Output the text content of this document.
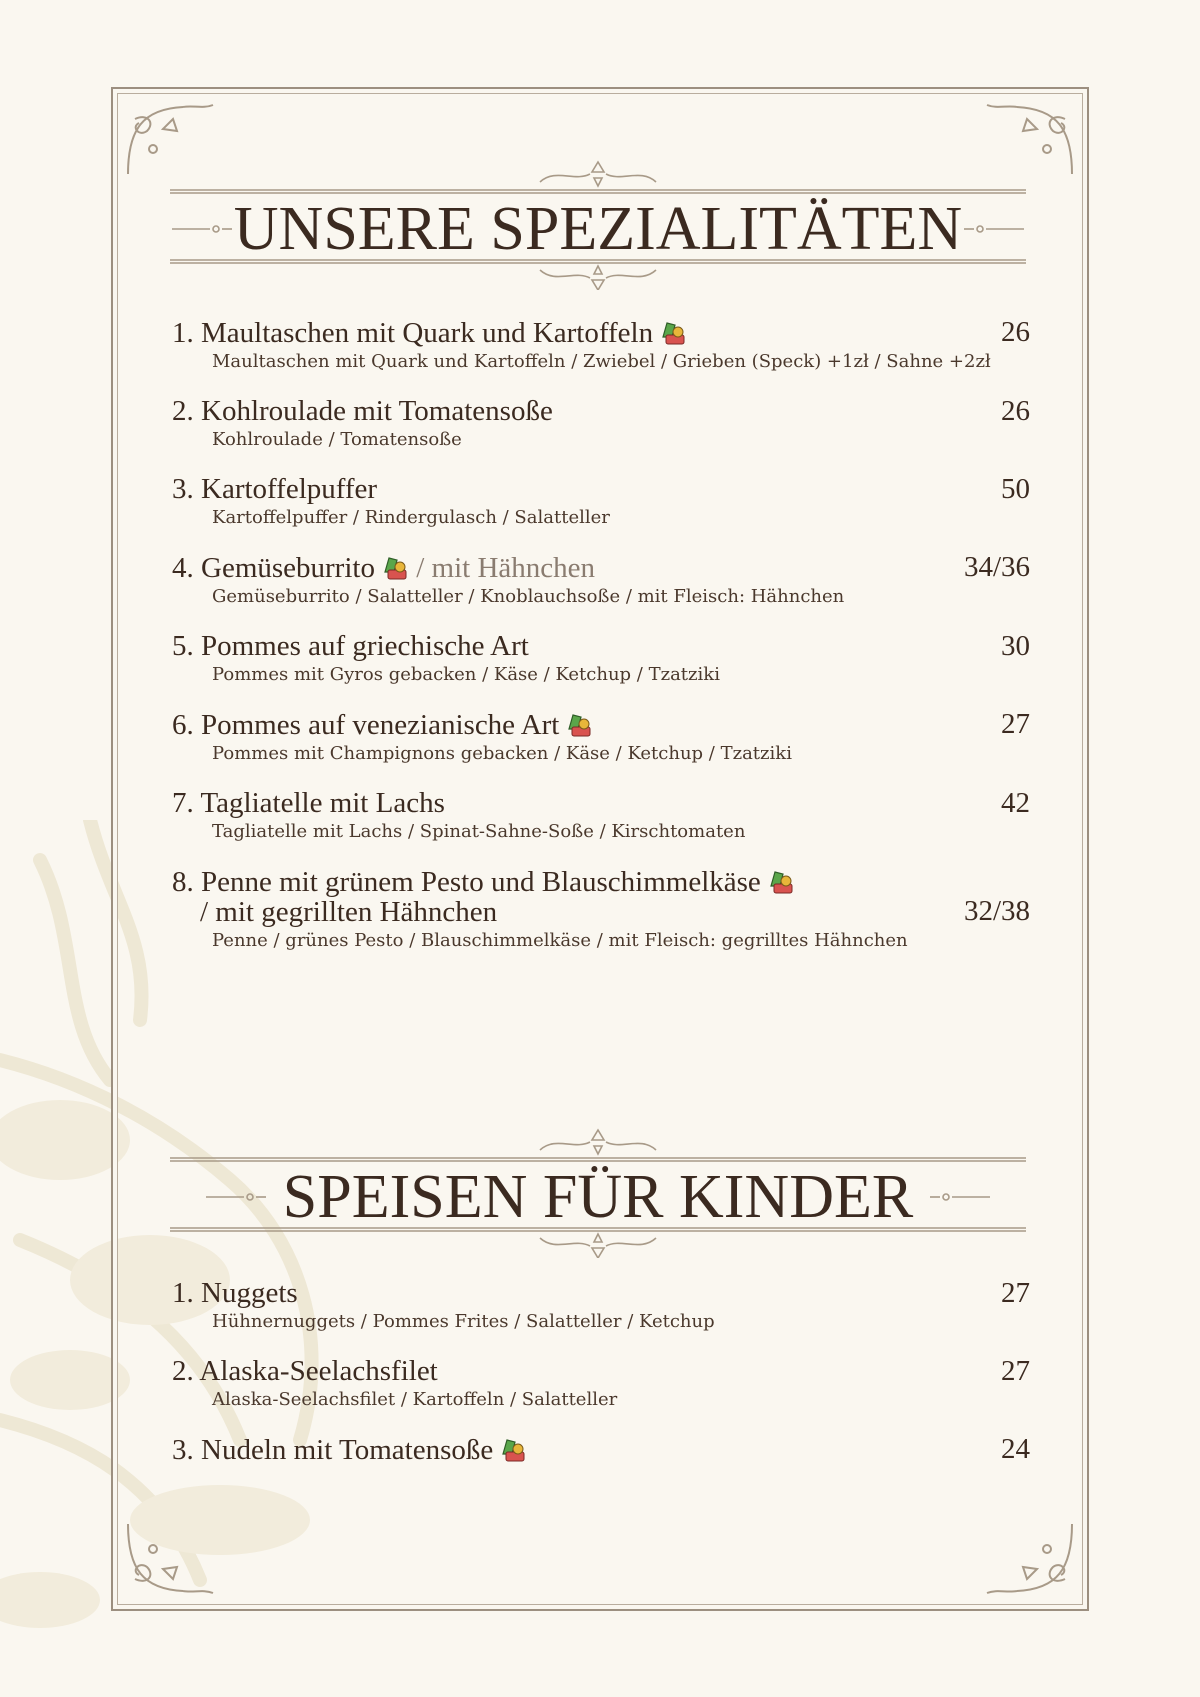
UNSERE SPEZIALITÄTEN
26
1. Maultaschen mit Quark und Kartoffeln
Maultaschen mit Quark und Kartoffeln / Zwiebel / Grieben (Speck) +1zł / Sahne +2zł
26
2. Kohlroulade mit Tomatensoße
Kohlroulade / Tomatensoße
50
3. Kartoffelpuffer
Kartoffelpuffer / Rindergulasch / Salatteller
34/36
4. Gemüseburrito / mit Hähnchen
Gemüseburrito / Salatteller / Knoblauchsoße / mit Fleisch: Hähnchen
30
5. Pommes auf griechische Art
Pommes mit Gyros gebacken / Käse / Ketchup / Tzatziki
27
6. Pommes auf venezianische Art
Pommes mit Champignons gebacken / Käse / Ketchup / Tzatziki
42
7. Tagliatelle mit Lachs
Tagliatelle mit Lachs / Spinat-Sahne-Soße / Kirschtomaten
32/38
8. Penne mit grünem Pesto und Blauschimmelkäse
/ mit gegrillten Hähnchen
Penne / grünes Pesto / Blauschimmelkäse / mit Fleisch: gegrilltes Hähnchen
SPEISEN FÜR KINDER
27
1. Nuggets
Hühnernuggets / Pommes Frites / Salatteller / Ketchup
27
2. Alaska-Seelachsfilet
Alaska-Seelachsfilet / Kartoffeln / Salatteller
24
3. Nudeln mit Tomatensoße
